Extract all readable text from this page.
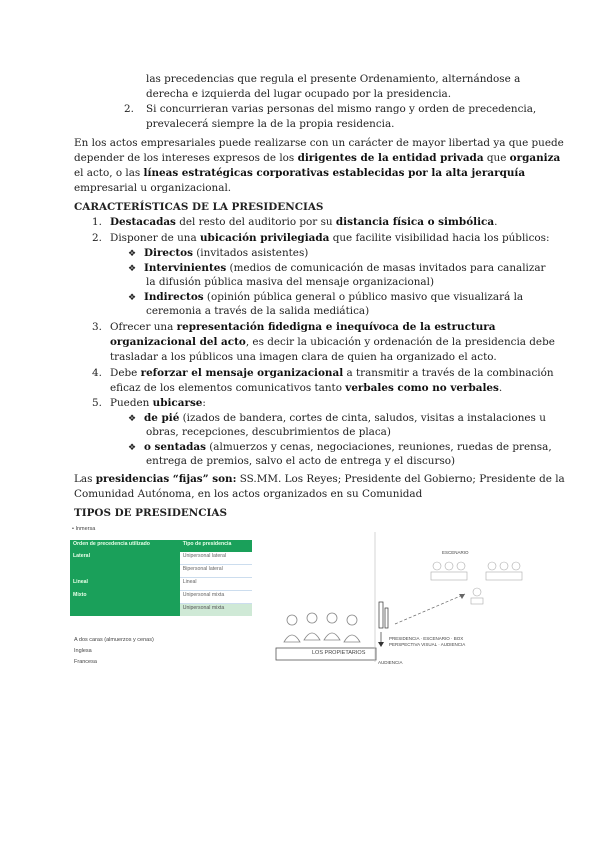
las precedencias que regula el presente Ordenamiento, alternándose a
derecha e izquierda del lugar ocupado por la presidencia.
2. Si concurrieran varias personas del mismo rango y orden de precedencia,
prevalecerá siempre la de la propia residencia.
En los actos empresariales puede realizarse con un carácter de mayor libertad ya que puede
depender de los intereses expresos de los dirigentes de la entidad privada que organiza
el acto, o las líneas estratégicas corporativas establecidas por la alta jerarquía
empresarial u organizacional.
CARACTERÍSTICAS DE LA PRESIDENCIAS
1. Destacadas del resto del auditorio por su distancia física o simbólica.
2. Disponer de una ubicación privilegiada que facilite visibilidad hacia los públicos:
❖ Directos (invitados asistentes)
❖ Intervinientes (medios de comunicación de masas invitados para canalizar
la difusión pública masiva del mensaje organizacional)
❖ Indirectos (opinión pública general o público masivo que visualizará la
ceremonia a través de la salida mediática)
3. Ofrecer una representación fidedigna e inequívoca de la estructura
organizacional del acto, es decir la ubicación y ordenación de la presidencia debe
trasladar a los públicos una imagen clara de quien ha organizado el acto.
4. Debe reforzar el mensaje organizacional a transmitir a través de la combinación
eficaz de los elementos comunicativos tanto verbales como no verbales.
5. Pueden ubicarse:
❖ de pié (izados de bandera, cortes de cinta, saludos, visitas a instalaciones u
obras, recepciones, descubrimientos de placa)
❖ o sentadas (almuerzos y cenas, negociaciones, reuniones, ruedas de prensa,
entrega de premios, salvo el acto de entrega y el discurso)
Las presidencias “fijas” son: SS.MM. Los Reyes; Presidente del Gobierno; Presidente de la
Comunidad Autónoma, en los actos organizados en su Comunidad
TIPOS DE PRESIDENCIAS
• Inmersa
Orden de precedencia utilizado	Tipo de presidencia
Lateral	Unipersonal lateral
	Bipersonal lateral
Lineal	Lineal
Mixto	Unipersonal mixta
	Unipersonal mixta
A dos caras (almuerzos y cenas)
Inglesa
Francesa
LOS PROPIETARIOS
ESCENARIO
PRESIDENCIA · ESCENARIO · BOX
PERSPECTIVA VISUAL · AUDIENCIA
AUDIENCIA
